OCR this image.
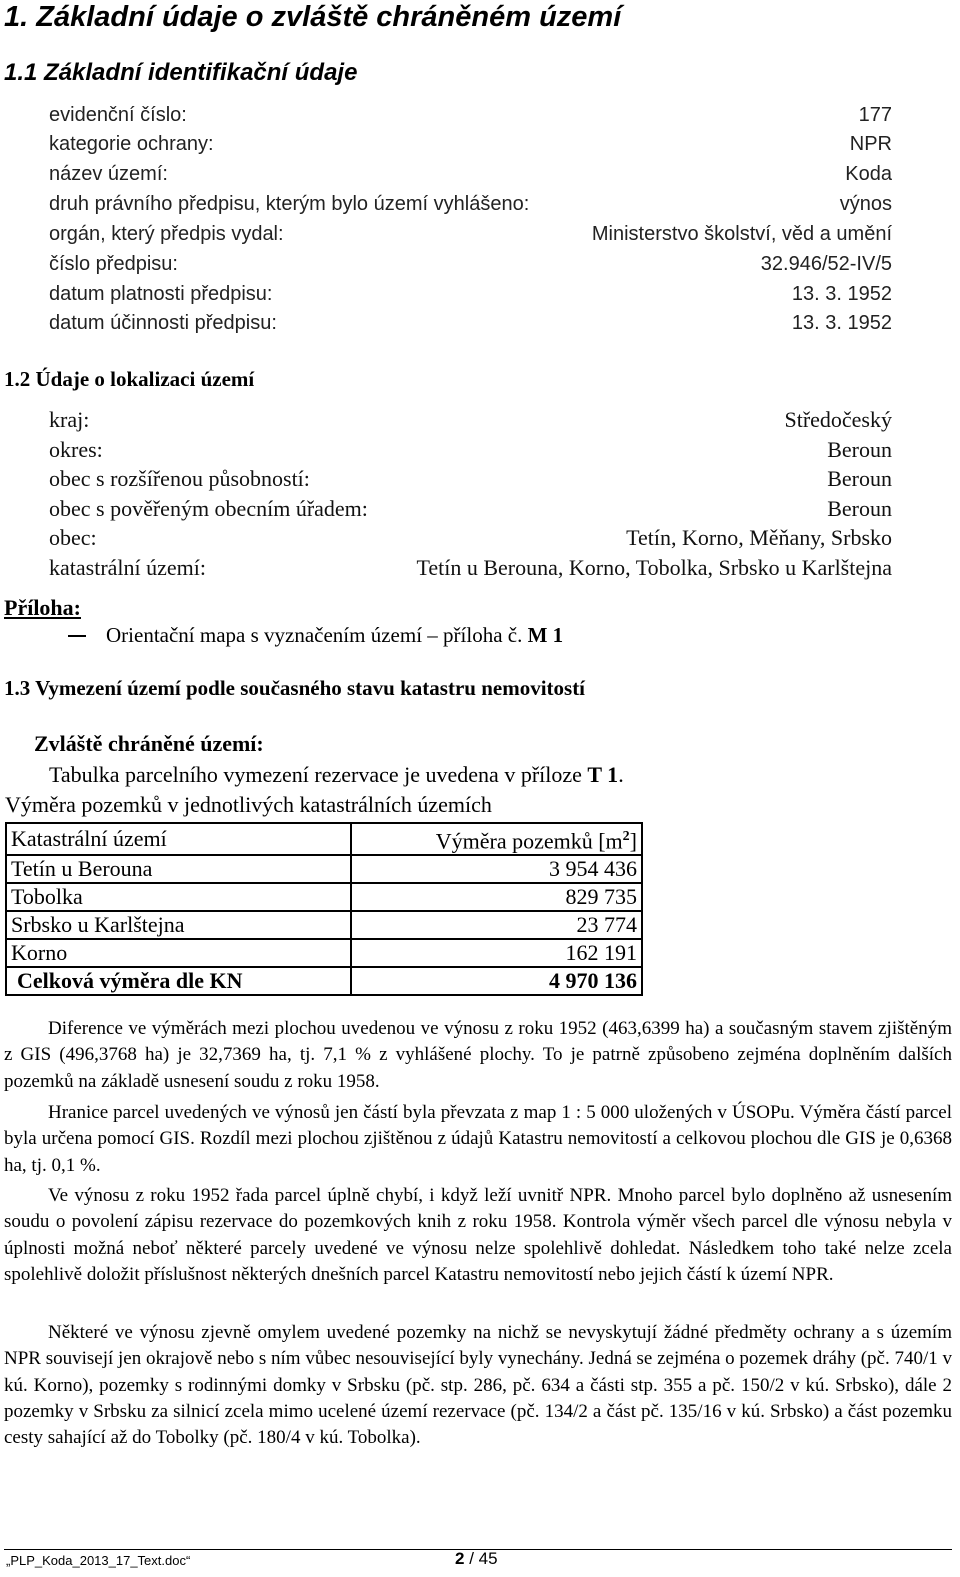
1. Základní údaje o zvláště chráněném území
1.1 Základní identifikační údaje
evidenční číslo:	177
kategorie ochrany:	NPR
název území:	Koda
druh právního předpisu, kterým bylo území vyhlášeno:	výnos
orgán, který předpis vydal:	Ministerstvo školství, věd a umění
číslo předpisu:	32.946/52-IV/5
datum platnosti předpisu:	13. 3. 1952
datum účinnosti předpisu:	13. 3. 1952
1.2 Údaje o lokalizaci území
kraj:	Středočeský
okres:	Beroun
obec s rozšířenou působností:	Beroun
obec s pověřeným obecním úřadem:	Beroun
obec:	Tetín, Korno, Měňany, Srbsko
katastrální území:	Tetín u Berouna, Korno, Tobolka, Srbsko u Karlštejna
Příloha:
Orientační mapa s vyznačením území – příloha č. M 1
1.3 Vymezení území podle současného stavu katastru nemovitostí
Zvláště chráněné území:
Tabulka parcelního vymezení rezervace je uvedena v příloze T 1.
Výměra pozemků v jednotlivých katastrálních územích
Katastrální území	Výměra pozemků $[m^2]$
Tetín u Berouna	3 954 436
Tobolka	829 735
Srbsko u Karlštejna	23 774
Korno	162 191
Celková výměra dle KN	4 970 136
Diference ve výměrách mezi plochou uvedenou ve výnosu z roku 1952 (463,6399 ha) a současným stavem zjištěným z GIS (496,3768 ha) je 32,7369 ha, tj. 7,1 % z vyhlášené plochy. To je patrně způsobeno zejména doplněním dalších pozemků na základě usnesení soudu z roku 1958.
Hranice parcel uvedených ve výnosů jen částí byla převzata z map 1 : 5 000 uložených v ÚSOPu. Výměra částí parcel byla určena pomocí GIS. Rozdíl mezi plochou zjištěnou z údajů Katastru nemovitostí a celkovou plochou dle GIS je 0,6368 ha, tj. 0,1 %.
Ve výnosu z roku 1952 řada parcel úplně chybí, i když leží uvnitř NPR. Mnoho parcel bylo doplněno až usnesením soudu o povolení zápisu rezervace do pozemkových knih z roku 1958. Kontrola výměr všech parcel dle výnosu nebyla v úplnosti možná neboť některé parcely uvedené ve výnosu nelze spolehlivě dohledat. Následkem toho také nelze zcela spolehlivě doložit příslušnost některých dnešních parcel Katastru nemovitostí nebo jejich částí k území NPR.
Některé ve výnosu zjevně omylem uvedené pozemky na nichž se nevyskytují žádné předměty ochrany a s územím NPR souvisejí jen okrajově nebo s ním vůbec nesouvisející byly vynechány. Jedná se zejména o pozemek dráhy (pč. 740/1 v kú. Korno), pozemky s rodinnými domky v Srbsku (pč. stp. 286, pč. 634 a části stp. 355 a pč. 150/2 v kú. Srbsko), dále 2 pozemky v Srbsku za silnicí zcela mimo ucelené území rezervace (pč. 134/2 a část pč. 135/16 v kú. Srbsko) a část pozemku cesty sahající až do Tobolky (pč. 180/4 v kú. Tobolka).
„PLP_Koda_2013_17_Text.doc“	2 / 45
